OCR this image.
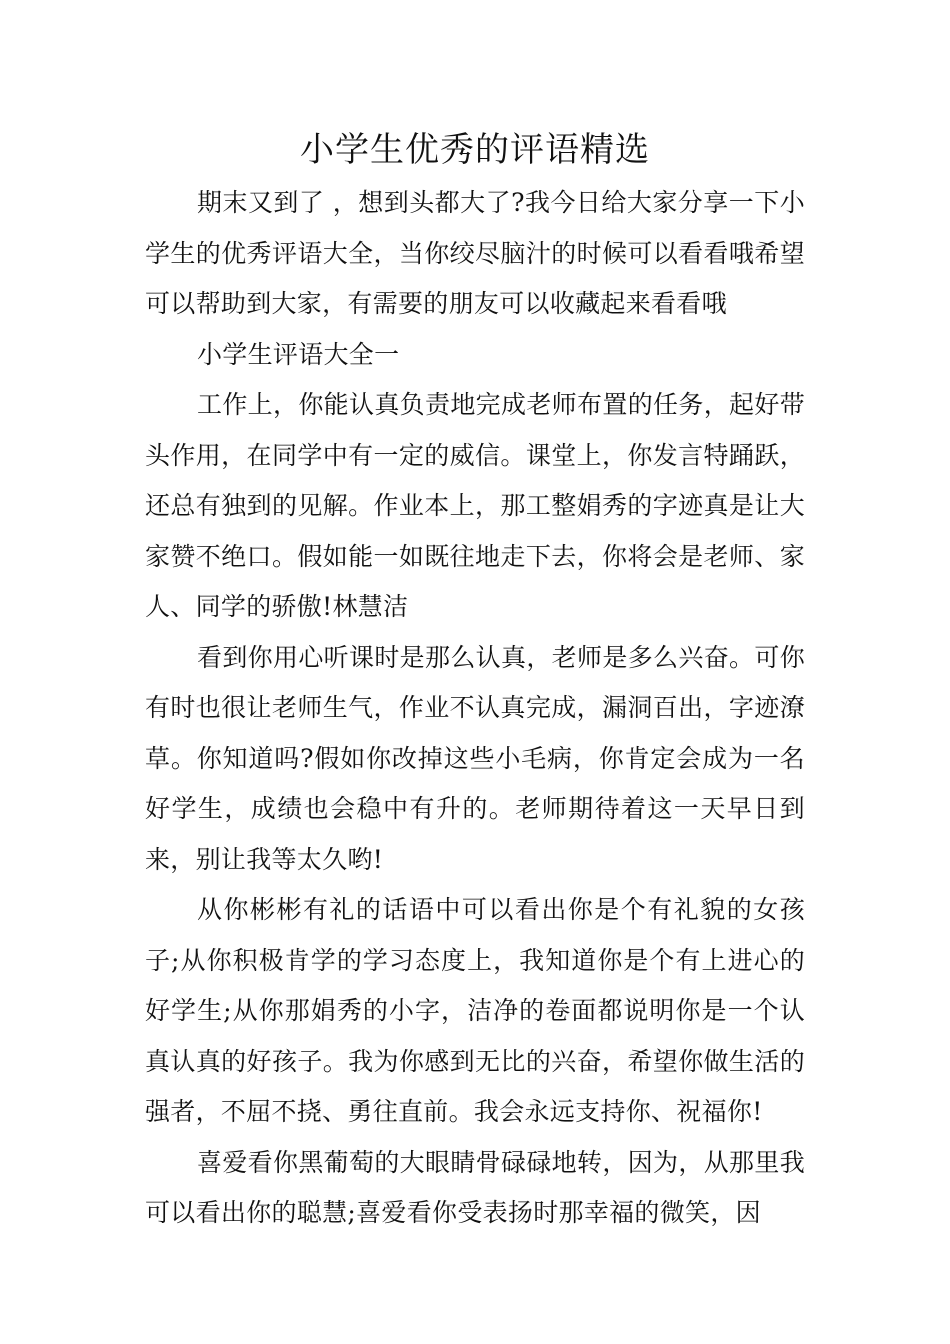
小学生优秀的评语精选

期末又到了 ，想到头都大了?我今日给大家分享一下小学生的优秀评语大全，当你绞尽脑汁的时候可以看看哦希望可以帮助到大家，有需要的朋友可以收藏起来看看哦

小学生评语大全一

工作上，你能认真负责地完成老师布置的任务，起好带头作用，在同学中有一定的威信。课堂上，你发言特踊跃，还总有独到的见解。作业本上，那工整娟秀的字迹真是让大家赞不绝口。假如能一如既往地走下去，你将会是老师、家人、同学的骄傲!林慧洁

看到你用心听课时是那么认真，老师是多么兴奋。可你有时也很让老师生气，作业不认真完成，漏洞百出，字迹潦草。你知道吗?假如你改掉这些小毛病，你肯定会成为一名好学生，成绩也会稳中有升的。老师期待着这一天早日到来，别让我等太久哟!

从你彬彬有礼的话语中可以看出你是个有礼貌的女孩子;从你积极肯学的学习态度上，我知道你是个有上进心的好学生;从你那娟秀的小字，洁净的卷面都说明你是一个认真认真的好孩子。我为你感到无比的兴奋，希望你做生活的强者，不屈不挠、勇往直前。我会永远支持你、祝福你!

喜爱看你黑葡萄的大眼睛骨碌碌地转，因为，从那里我可以看出你的聪慧;喜爱看你受表扬时那幸福的微笑，因
